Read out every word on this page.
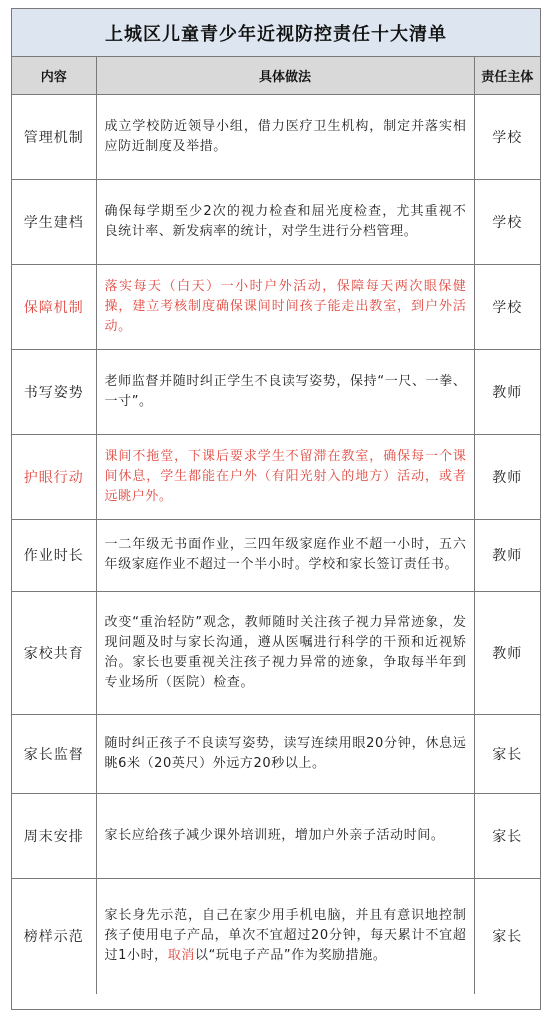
上城区儿童青少年近视防控责任十大清单
内容	具体做法	责任主体
管理机制	成立学校防近领导小组，借力医疗卫生机构，制定并落实相应防近制度及举措。	学校
学生建档	确保每学期至少2次的视力检查和屈光度检查，尤其重视不良统计率、新发病率的统计，对学生进行分档管理。	学校
保障机制	落实每天（白天）一小时户外活动，保障每天两次眼保健操，建立考核制度确保课间时间孩子能走出教室，到户外活动。	学校
书写姿势	老师监督并随时纠正学生不良读写姿势，保持“一尺、一拳、一寸”。	教师
护眼行动	课间不拖堂，下课后要求学生不留滞在教室，确保每一个课间休息，学生都能在户外（有阳光射入的地方）活动，或者远眺户外。	教师
作业时长	一二年级无书面作业，三四年级家庭作业不超一小时，五六年级家庭作业不超过一个半小时。学校和家长签订责任书。	教师
家校共育	改变“重治轻防”观念，教师随时关注孩子视力异常迹象，发现问题及时与家长沟通，遵从医嘱进行科学的干预和近视矫治。家长也要重视关注孩子视力异常的迹象，争取每半年到专业场所（医院）检查。	教师
家长监督	随时纠正孩子不良读写姿势，读写连续用眼20分钟，休息远眺6米（20英尺）外远方20秒以上。	家长
周末安排	家长应给孩子减少课外培训班，增加户外亲子活动时间。	家长
榜样示范	家长身先示范，自己在家少用手机电脑，并且有意识地控制孩子使用电子产品，单次不宜超过20分钟，每天累计不宜超过1小时，取消以“玩电子产品”作为奖励措施。	家长
